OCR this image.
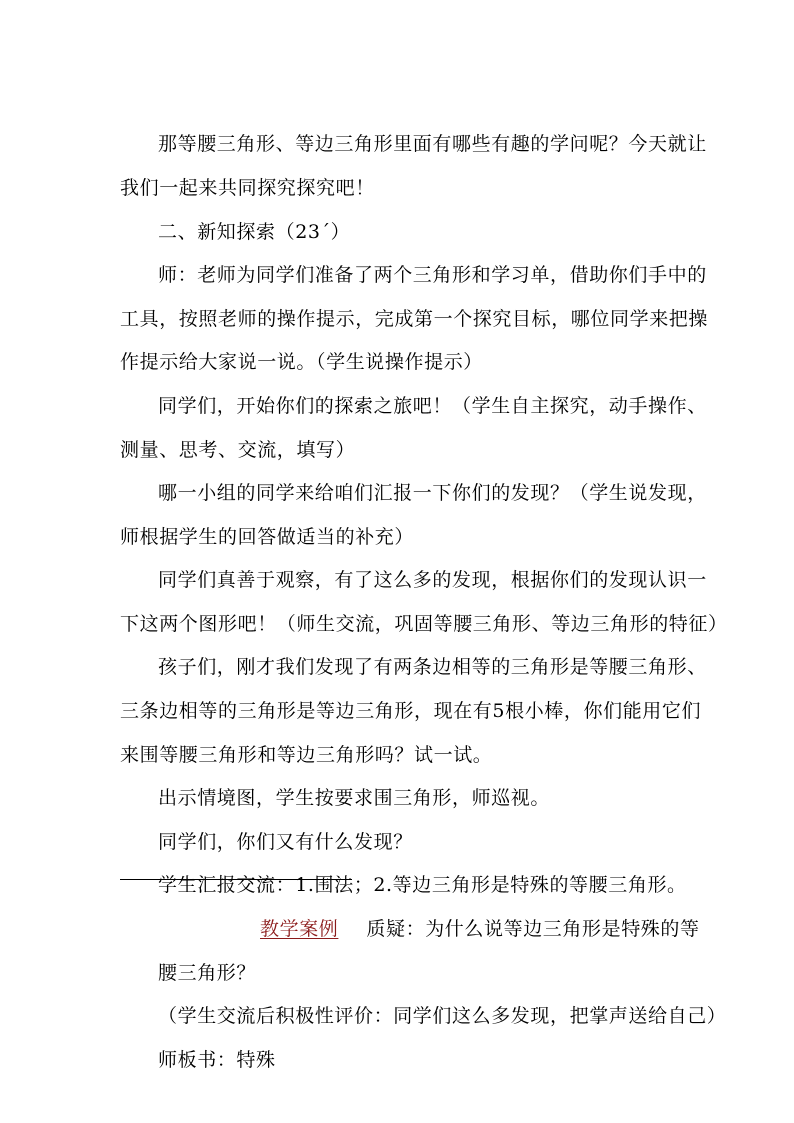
那等腰三角形、等边三角形里面有哪些有趣的学问呢？今天就让
我们一起来共同探究探究吧！
二、新知探索（23´）
师：老师为同学们准备了两个三角形和学习单，借助你们手中的
工具，按照老师的操作提示，完成第一个探究目标，哪位同学来把操
作提示给大家说一说。（学生说操作提示）
同学们，开始你们的探索之旅吧！（学生自主探究，动手操作、
测量、思考、交流，填写）
哪一小组的同学来给咱们汇报一下你们的发现？（学生说发现，
师根据学生的回答做适当的补充）
同学们真善于观察，有了这么多的发现，根据你们的发现认识一
下这两个图形吧！（师生交流，巩固等腰三角形、等边三角形的特征）
孩子们，刚才我们发现了有两条边相等的三角形是等腰三角形、
三条边相等的三角形是等边三角形，现在有5根小棒，你们能用它们
来围等腰三角形和等边三角形吗？试一试。
出示情境图，学生按要求围三角形，师巡视。
同学们，你们又有什么发现？
学生汇报交流：1.围法；2.等边三角形是特殊的等腰三角形。
教学案例 质疑：为什么说等边三角形是特殊的等
腰三角形？
（学生交流后积极性评价：同学们这么多发现，把掌声送给自己）
师板书：特殊
